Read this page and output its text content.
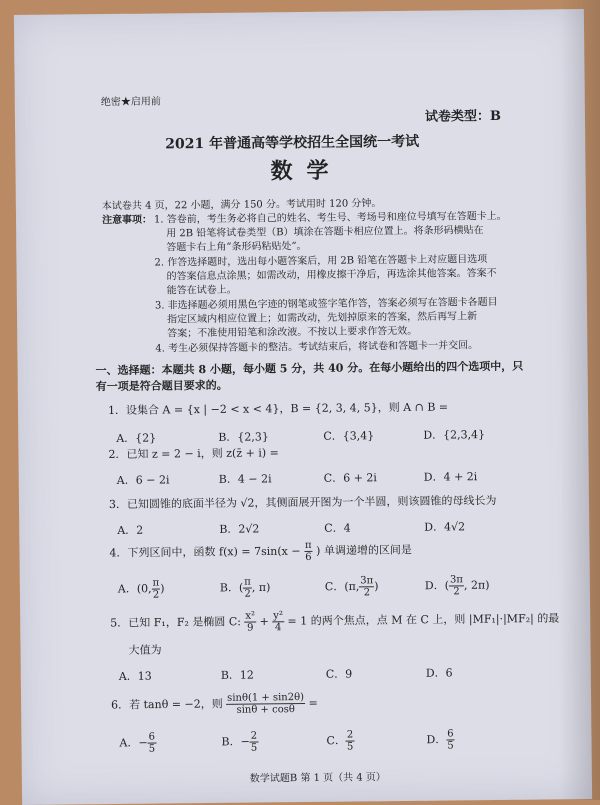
绝密★启用前
试卷类型：B
2021 年普通高等学校招生全国统一考试
数学
本试卷共 4 页，22 小题，满分 150 分。考试用时 120 分钟。
注意事项： 1. 答卷前，考生务必将自己的姓名、考生号、考场号和座位号填写在答题卡上。
用 2B 铅笔将试卷类型（B）填涂在答题卡相应位置上。将条形码横贴在
答题卡右上角“条形码粘贴处”。
2. 作答选择题时，选出每小题答案后，用 2B 铅笔在答题卡上对应题目选项
的答案信息点涂黑；如需改动，用橡皮擦干净后，再选涂其他答案。答案不
能答在试卷上。
3. 非选择题必须用黑色字迹的钢笔或签字笔作答，答案必须写在答题卡各题目
指定区域内相应位置上；如需改动，先划掉原来的答案，然后再写上新
答案；不准使用铅笔和涂改液。不按以上要求作答无效。
4. 考生必须保持答题卡的整洁。考试结束后，将试卷和答题卡一并交回。
一、选择题：本题共 8 小题，每小题 5 分，共 40 分。在每小题给出的四个选项中，只
有一项是符合题目要求的。
1．设集合 A = {x | −2 < x < 4}，B = {2, 3, 4, 5}，则 A ∩ B =
A．{2}	B．{2,3}	C．{3,4}	D．{2,3,4}
2．已知 z = 2 − i，则 z(z̄ + i) =
A．6 − 2i	B．4 − 2i	C．6 + 2i	D．4 + 2i
3．已知圆锥的底面半径为 √2，其侧面展开图为一个半圆，则该圆锥的母线长为
A．2	B．2√2	C．4	D．4√2
4．下列区间中，函数 $f(x) = 7\sin(x - \frac{\pi}{6}$ ) 单调递增的区间是
A．(0, $\frac{\pi}{2}$ )	B．( $\frac{\pi}{2}$ , π)	C．(π, $\frac{3\pi}{2}$ )	D．( $\frac{3\pi}{2}$ , 2π)
5．已知 F₁，F₂ 是椭圆 C: $\frac{\text{x²}}{9} + \frac{\text{y²}}{4} = 1$ 的两个焦点，点 M 在 C 上，则 |MF₁|·|MF₂| 的最
大值为
A．13	B．12	C．9	D．6
6．若 tanθ = −2，则 $\frac{\sin\theta(1 + \sin 2\theta)}{\sin\theta + \cos\theta}$ =
A．− $\frac{6}{5}$	B．− $\frac{2}{5}$	C． $\frac{2}{5}$	D． $\frac{6}{5}$
数学试题B 第 1 页（共 4 页）
